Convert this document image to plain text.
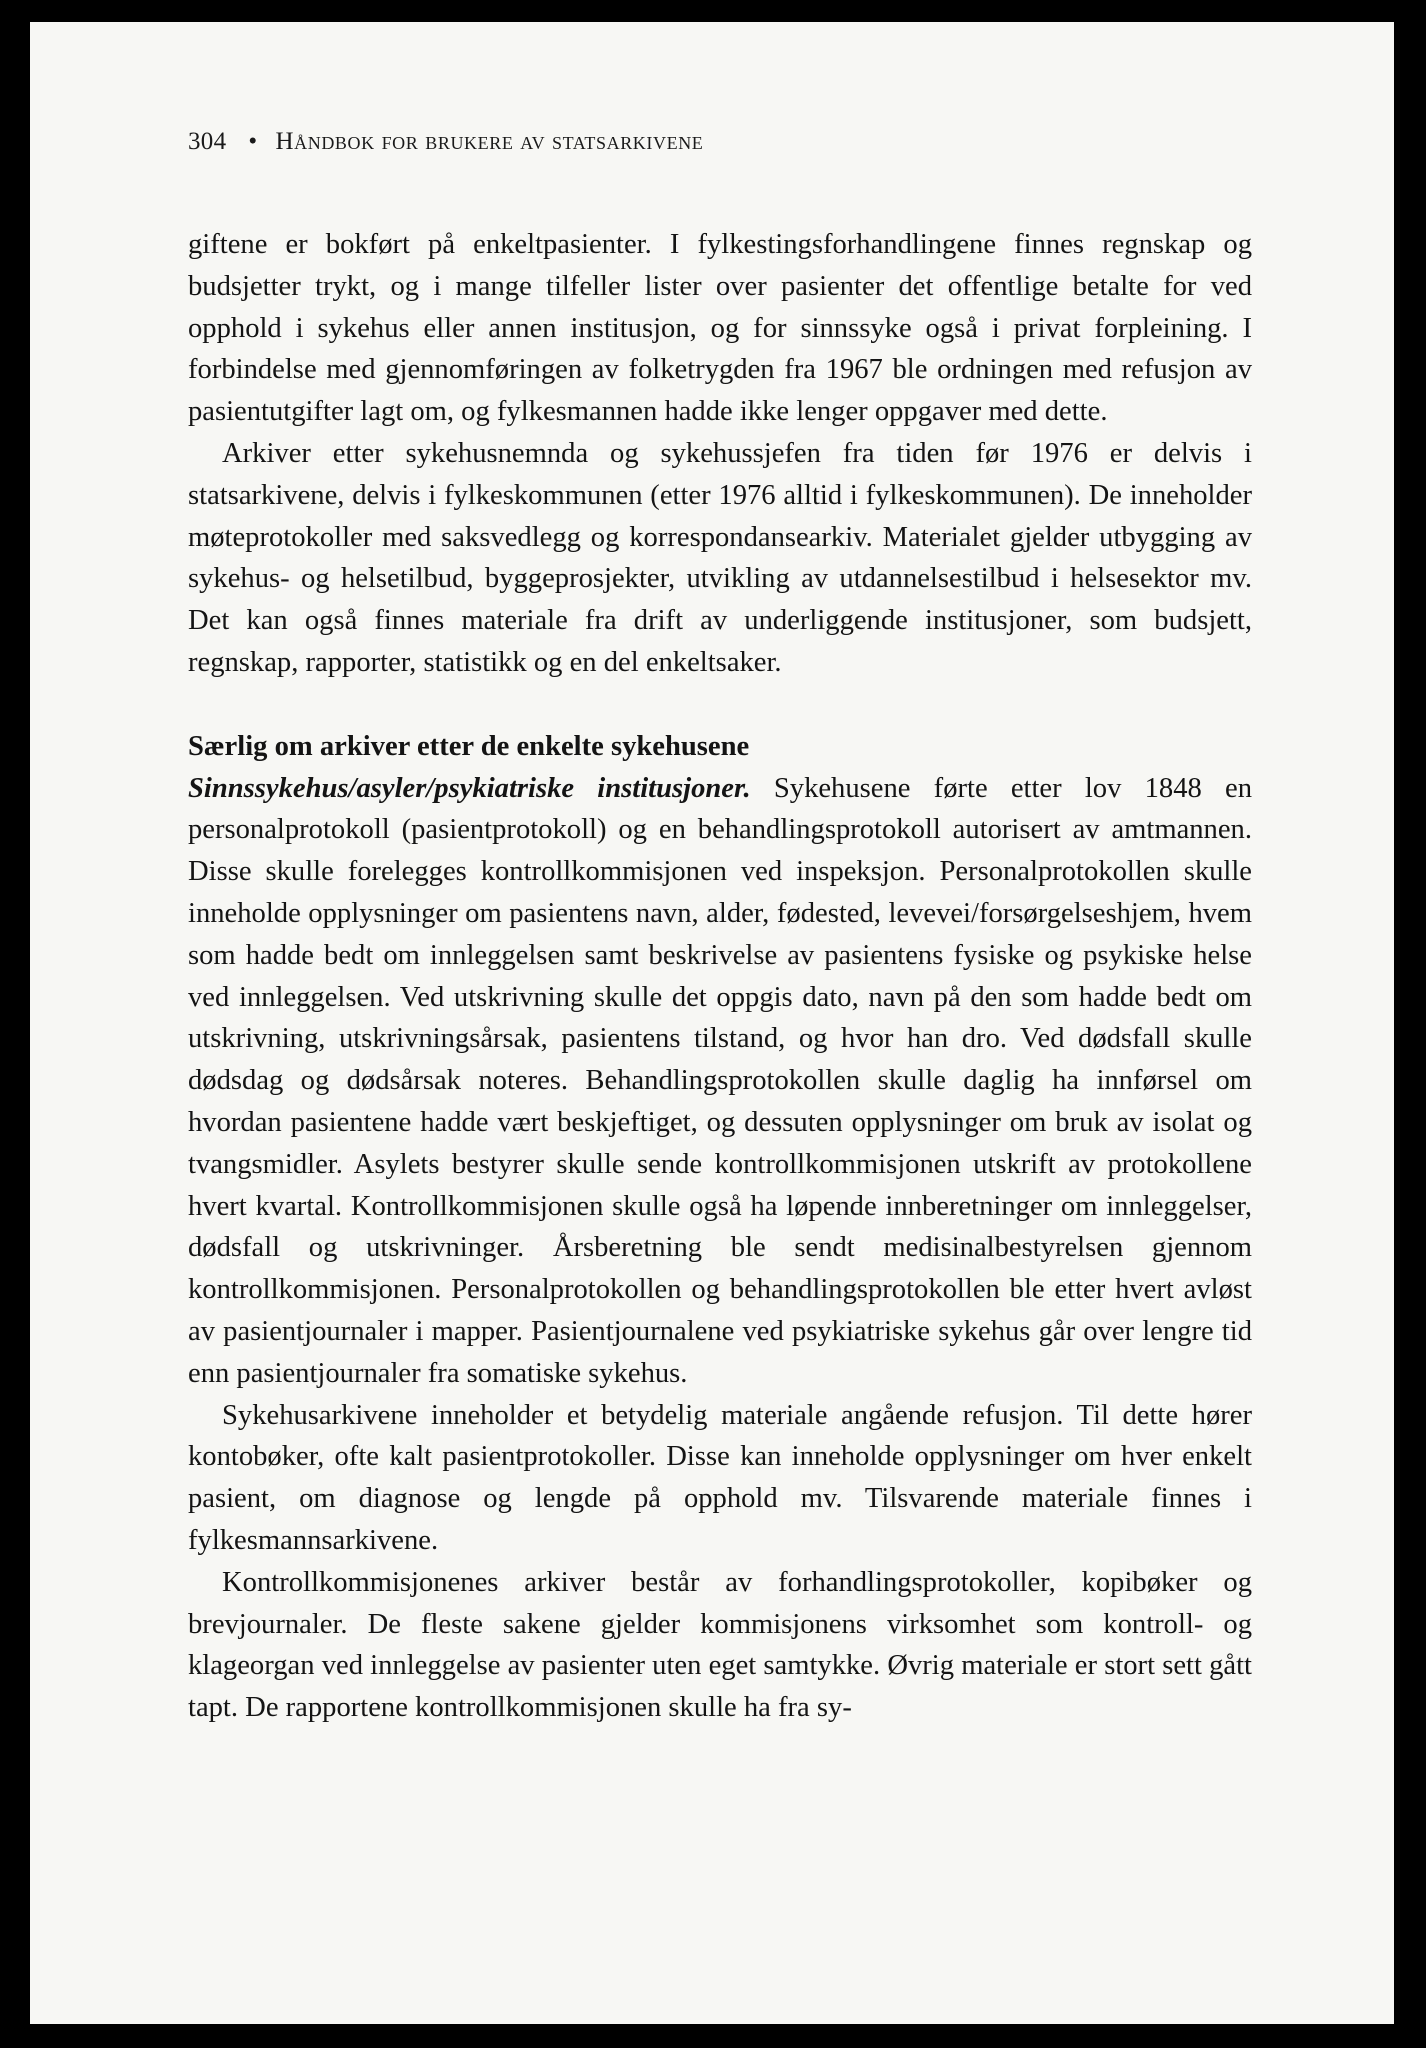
304 • Håndbok for brukere av statsarkivene

giftene er bokført på enkeltpasienter. I fylkestingsforhandlingene finnes regnskap og budsjetter trykt, og i mange tilfeller lister over pasienter det offentlige betalte for ved opphold i sykehus eller annen institusjon, og for sinnssyke også i privat forpleining. I forbindelse med gjennomføringen av folketrygden fra 1967 ble ordningen med refusjon av pasientutgifter lagt om, og fylkesmannen hadde ikke lenger oppgaver med dette.

Arkiver etter sykehusnemnda og sykehussjefen fra tiden før 1976 er delvis i statsarkivene, delvis i fylkeskommunen (etter 1976 alltid i fylkeskommunen). De inneholder møteprotokoller med saksvedlegg og korrespondansearkiv. Materialet gjelder utbygging av sykehus- og helsetilbud, byggeprosjekter, utvikling av utdannelsestilbud i helsesektor mv. Det kan også finnes materiale fra drift av underliggende institusjoner, som budsjett, regnskap, rapporter, statistikk og en del enkeltsaker.

Særlig om arkiver etter de enkelte sykehusene

Sinnssykehus/asyler/psykiatriske institusjoner. Sykehusene førte etter lov 1848 en personalprotokoll (pasientprotokoll) og en behandlingsprotokoll autorisert av amtmannen. Disse skulle forelegges kontrollkommisjonen ved inspeksjon. Personalprotokollen skulle inneholde opplysninger om pasientens navn, alder, fødested, levevei/forsørgelseshjem, hvem som hadde bedt om innleggelsen samt beskrivelse av pasientens fysiske og psykiske helse ved innleggelsen. Ved utskrivning skulle det oppgis dato, navn på den som hadde bedt om utskrivning, utskrivningsårsak, pasientens tilstand, og hvor han dro. Ved dødsfall skulle dødsdag og dødsårsak noteres. Behandlingsprotokollen skulle daglig ha innførsel om hvordan pasientene hadde vært beskjeftiget, og dessuten opplysninger om bruk av isolat og tvangsmidler. Asylets bestyrer skulle sende kontrollkommisjonen utskrift av protokollene hvert kvartal. Kontrollkommisjonen skulle også ha løpende innberetninger om innleggelser, dødsfall og utskrivninger. Årsberetning ble sendt medisinalbestyrelsen gjennom kontrollkommisjonen. Personalprotokollen og behandlingsprotokollen ble etter hvert avløst av pasientjournaler i mapper. Pasientjournalene ved psykiatriske sykehus går over lengre tid enn pasientjournaler fra somatiske sykehus.

Sykehusarkivene inneholder et betydelig materiale angående refusjon. Til dette hører kontobøker, ofte kalt pasientprotokoller. Disse kan inneholde opplysninger om hver enkelt pasient, om diagnose og lengde på opphold mv. Tilsvarende materiale finnes i fylkesmannsarkivene.

Kontrollkommisjonenes arkiver består av forhandlingsprotokoller, kopibøker og brevjournaler. De fleste sakene gjelder kommisjonens virksomhet som kontroll- og klageorgan ved innleggelse av pasienter uten eget samtykke. Øvrig materiale er stort sett gått tapt. De rapportene kontrollkommisjonen skulle ha fra sy-
